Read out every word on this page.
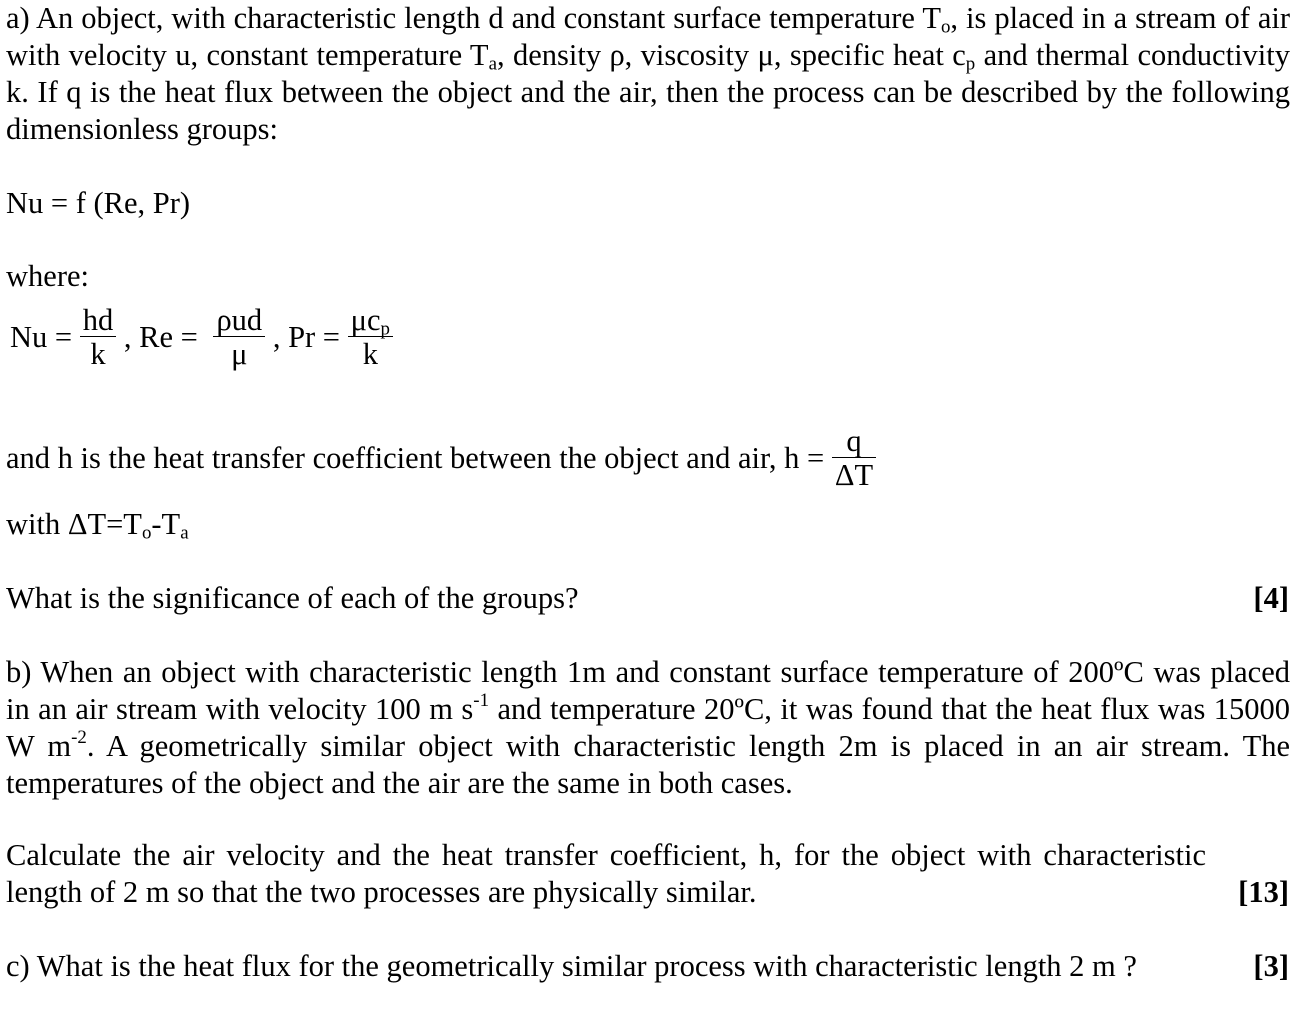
a) An object, with characteristic length d and constant surface temperature $T_o$, is placed in a stream of air with velocity u, constant temperature $T_a$, density ρ, viscosity μ, specific heat $c_p$ and thermal conductivity k. If q is the heat flux between the object and the air, then the process can be described by the following dimensionless groups:
Nu = f (Re, Pr)
where:
$Nu = \frac{hd}{k}$ , $Re = \frac{\text{ρud}}{\mu}$ , $Pr = \frac{\mu c_p}{k}$
and h is the heat transfer coefficient between the object and air, $h = \frac{q}{\Delta T}$
with $\Delta T=T_o-T_a$
What is the significance of each of the groups?	[4]
b) When an object with characteristic length 1m and constant surface temperature of 200ºC was placed in an air stream with velocity 100 m $s^{-1}$ and temperature 20ºC, it was found that the heat flux was 15000 W $m^{-2}$. A geometrically similar object with characteristic length 2m is placed in an air stream. The temperatures of the object and the air are the same in both cases.
Calculate the air velocity and the heat transfer coefficient, h, for the object with characteristic length of 2 m so that the two processes are physically similar.	[13]
c) What is the heat flux for the geometrically similar process with characteristic length 2 m ?	[3]
